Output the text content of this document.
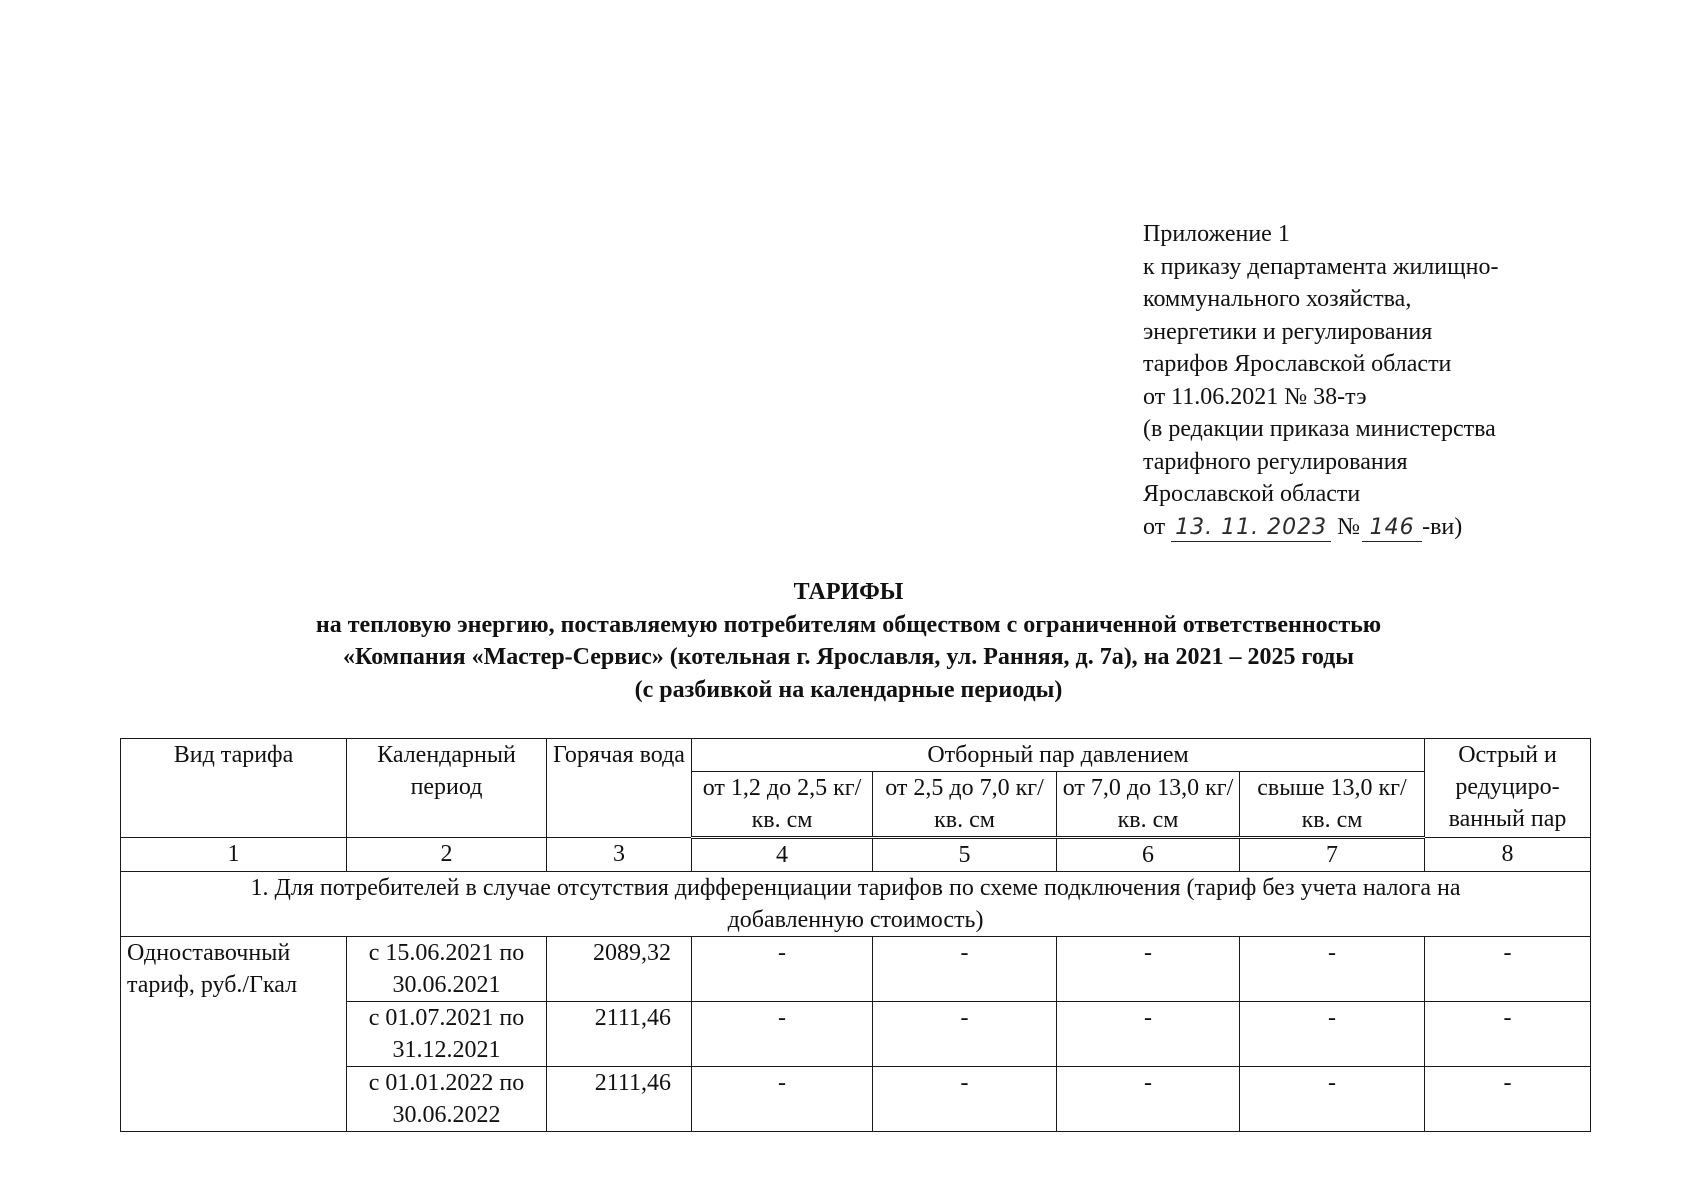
Приложение 1
к приказу департамента жилищно-
коммунального хозяйства,
энергетики и регулирования
тарифов Ярославской области
от 11.06.2021 № 38-тэ
(в редакции приказа министерства
тарифного регулирования
Ярославской области
от 13. 11. 2023 № 146 -ви)
ТАРИФЫ
на тепловую энергию, поставляемую потребителям обществом с ограниченной ответственностью
«Компания «Мастер-Сервис» (котельная г. Ярославля, ул. Ранняя, д. 7а), на 2021 – 2025 годы
(с разбивкой на календарные периоды)
Вид тарифа	Календарный период	Горячая вода	Отборный пар давлением				Острый и редуциро-ванный пар
			от 1,2 до 2,5 кг/ кв. см	от 2,5 до 7,0 кг/ кв. см	от 7,0 до 13,0 кг/ кв. см	свыше 13,0 кг/ кв. см	
1	2	3	4	5	6	7	8
1. Для потребителей в случае отсутствия дифференциации тарифов по схеме подключения (тариф без учета налога на добавленную стоимость)							
Одноставочный тариф, руб./Гкал	с 15.06.2021 по 30.06.2021	2089,32	-	-	-	-	-
	с 01.07.2021 по 31.12.2021	2111,46	-	-	-	-	-
	с 01.01.2022 по 30.06.2022	2111,46	-	-	-	-	-
